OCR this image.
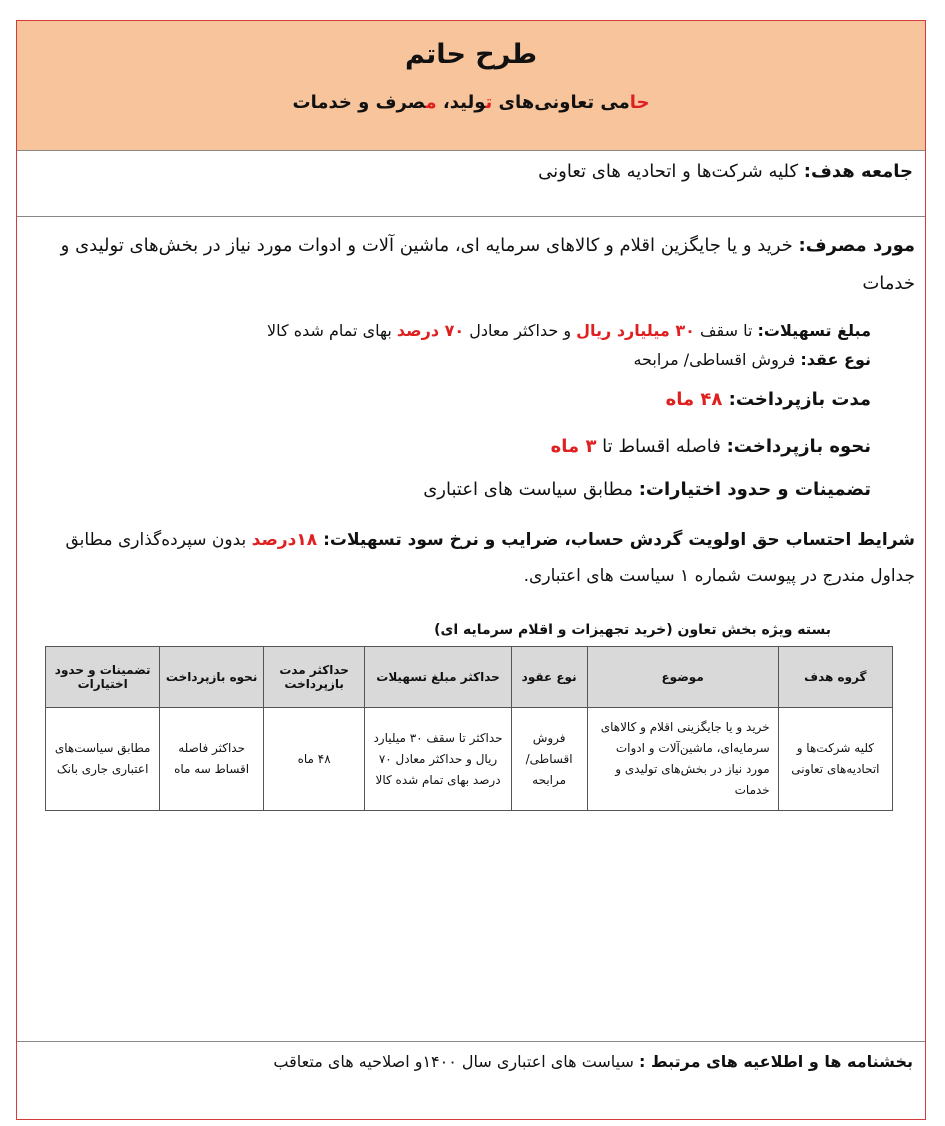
طرح حاتم
حامی تعاونی‌های تولید، مصرف و خدمات
جامعه هدف: کلیه شرکت‌ها و اتحادیه های تعاونی
مورد مصرف: خرید و یا جایگزین اقلام و کالاهای سرمایه ای، ماشین آلات و ادوات مورد نیاز در بخش‌های تولیدی و خدمات
مبلغ تسهیلات: تا سقف ۳۰ میلیارد ریال و حداکثر معادل ۷۰ درصد بهای تمام شده کالا
نوع عقد: فروش اقساطی/ مرابحه
مدت بازپرداخت: ۴۸ ماه
نحوه بازپرداخت: فاصله اقساط تا ۳ ماه
تضمینات و حدود اختیارات: مطابق سیاست های اعتباری
شرایط احتساب حق اولویت گردش حساب، ضرایب و نرخ سود تسهیلات: ۱۸درصد بدون سپرده‌گذاری مطابق جداول مندرج در پیوست شماره ۱ سیاست های اعتباری.
بسته ویژه بخش تعاون (خرید تجهیزات و اقلام سرمایه ای)
گروه هدف	موضوع	نوع عقود	حداکثر مبلغ تسهیلات	حداکثر مدت بازپرداخت	نحوه بازپرداخت	تضمینات و حدود اختیارات
کلیه شرکت‌ها و اتحادیه‌های تعاونی	خرید و یا جایگزینی اقلام و کالاهای سرمایه‌ای، ماشین‌آلات و ادوات مورد نیاز در بخش‌های تولیدی و خدمات	فروش اقساطی/ مرابحه	حداکثر تا سقف ۳۰ میلیارد ریال و حداکثر معادل ۷۰ درصد بهای تمام شده کالا	۴۸ ماه	حداکثر فاصله اقساط سه ماه	مطابق سیاست‌های اعتباری جاری بانک
بخشنامه ها و اطلاعیه های مرتبط : سیاست های اعتباری سال ۱۴۰۰و اصلاحیه های متعاقب
